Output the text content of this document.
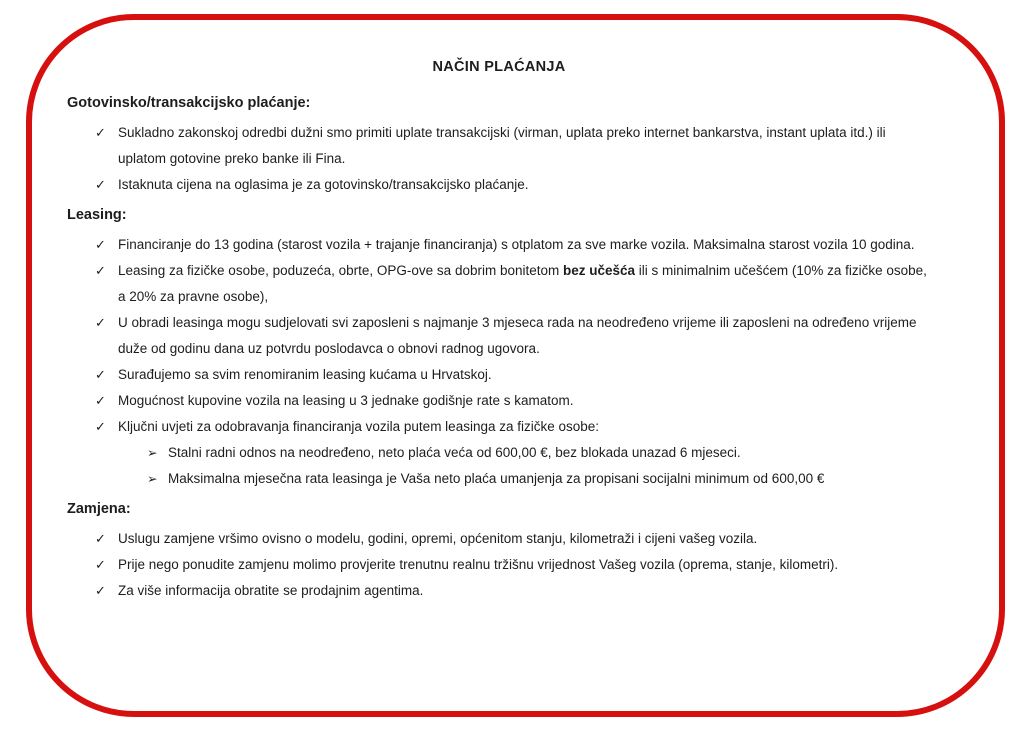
NAČIN PLAĆANJA
Gotovinsko/transakcijsko plaćanje:
✓ Sukladno zakonskoj odredbi dužni smo primiti uplate transakcijski (virman, uplata preko internet bankarstva, instant uplata itd.) ili uplatom gotovine preko banke ili Fina.
✓ Istaknuta cijena na oglasima je za gotovinsko/transakcijsko plaćanje.
Leasing:
✓ Financiranje do 13 godina (starost vozila + trajanje financiranja) s otplatom za sve marke vozila. Maksimalna starost vozila 10 godina.
✓ Leasing za fizičke osobe, poduzeća, obrte, OPG-ove sa dobrim bonitetom bez učešća ili s minimalnim učešćem (10% za fizičke osobe, a 20% za pravne osobe),
✓ U obradi leasinga mogu sudjelovati svi zaposleni s najmanje 3 mjeseca rada na neodređeno vrijeme ili zaposleni na određeno vrijeme duže od godinu dana uz potvrdu poslodavca o obnovi radnog ugovora.
✓ Surađujemo sa svim renomiranim leasing kućama u Hrvatskoj.
✓ Mogućnost kupovine vozila na leasing u 3 jednake godišnje rate s kamatom.
✓ Ključni uvjeti za odobravanja financiranja vozila putem leasinga za fizičke osobe:
➢ Stalni radni odnos na neodređeno, neto plaća veća od 600,00 €, bez blokada unazad 6 mjeseci.
➢ Maksimalna mjesečna rata leasinga je Vaša neto plaća umanjenja za propisani socijalni minimum od 600,00 €
Zamjena:
✓ Uslugu zamjene vršimo ovisno o modelu, godini, opremi, općenitom stanju, kilometraži i cijeni vašeg vozila.
✓ Prije nego ponudite zamjenu molimo provjerite trenutnu realnu tržišnu vrijednost Vašeg vozila (oprema, stanje, kilometri).
✓ Za više informacija obratite se prodajnim agentima.
